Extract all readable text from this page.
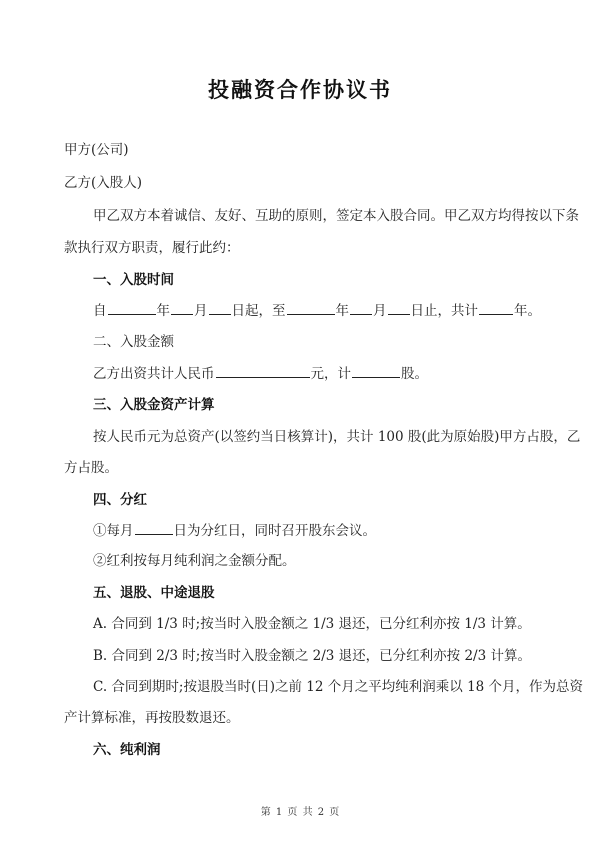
投融资合作协议书
甲方(公司)
乙方(入股人)
甲乙双方本着诚信、友好、互助的原则，签定本入股合同。甲乙双方均得按以下条
款执行双方职责，履行此约：
一、入股时间
自	年 月 日起，至	年 月 日止，共计	年。
二、入股金额
乙方出资共计人民币	元，计	股。
三、入股金资产计算
按人民币元为总资产(以签约当日核算计)，共计 100 股(此为原始股)甲方占股，乙
方占股。
四、分红
①每月	日为分红日，同时召开股东会议。
②红利按每月纯利润之金额分配。
五、退股、中途退股
A. 合同到 1/3 时;按当时入股金额之 1/3 退还，已分红利亦按 1/3 计算。
B. 合同到 2/3 时;按当时入股金额之 2/3 退还，已分红利亦按 2/3 计算。
C. 合同到期时;按退股当时(日)之前 12 个月之平均纯利润乘以 18 个月，作为总资
产计算标准，再按股数退还。
六、纯利润
第 1 页 共 2 页
